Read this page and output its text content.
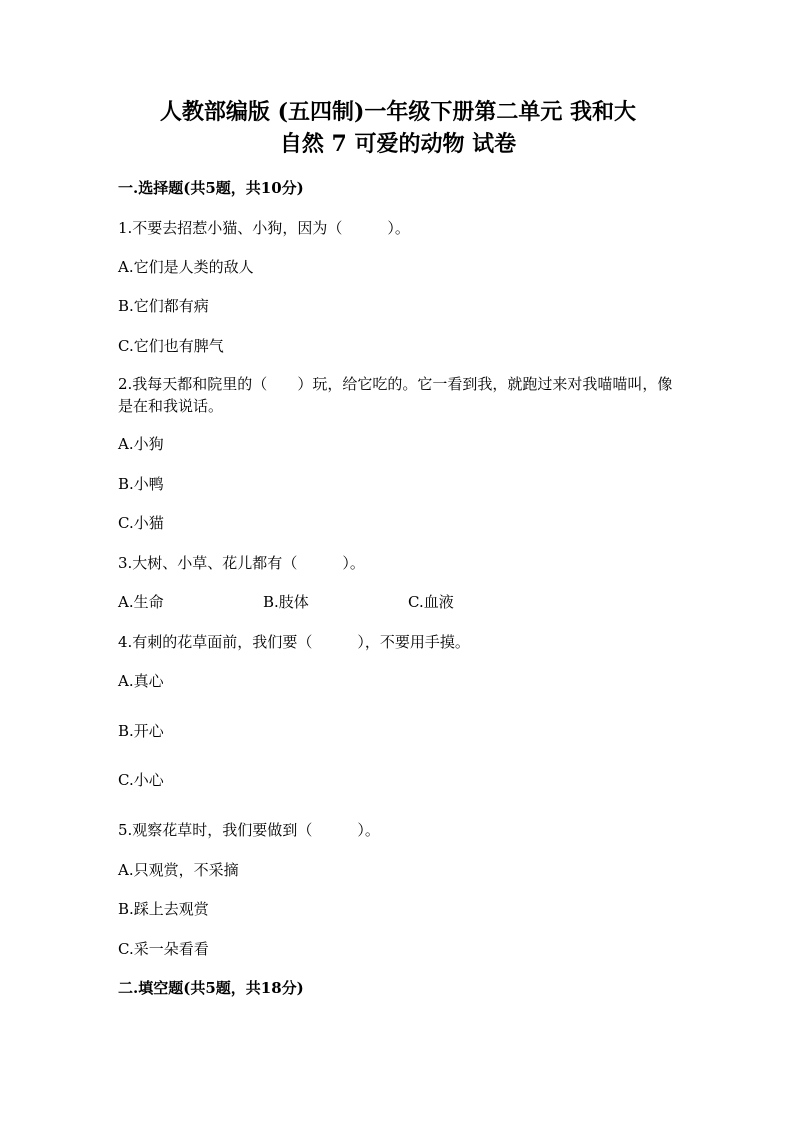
人教部编版 (五四制)一年级下册第二单元 我和大
自然 7 可爱的动物 试卷
一.选择题(共5题，共10分)
1.不要去招惹小猫、小狗，因为（　　　）。
A.它们是人类的敌人
B.它们都有病
C.它们也有脾气
2.我每天都和院里的（　　）玩，给它吃的。它一看到我，就跑过来对我喵喵叫，像是在和我说话。
A.小狗
B.小鸭
C.小猫
3.大树、小草、花儿都有（　　　）。
A.生命	B.肢体	C.血液
4.有刺的花草面前，我们要（　　　），不要用手摸。
A.真心
B.开心
C.小心
5.观察花草时，我们要做到（　　　）。
A.只观赏，不采摘
B.踩上去观赏
C.采一朵看看
二.填空题(共5题，共18分)
